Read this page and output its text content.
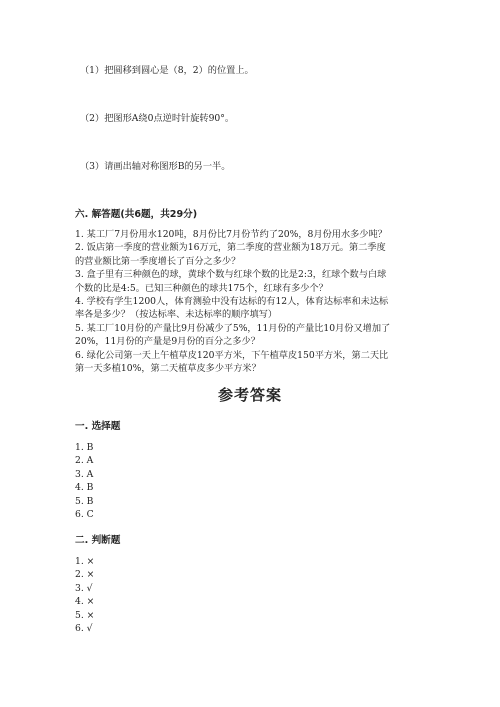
（1）把圆移到圆心是（8，2）的位置上。
（2）把图形A绕0点逆时针旋转90°。
（3）请画出轴对称图形B的另一半。
六. 解答题(共6题，共29分)
1. 某工厂7月份用水120吨，8月份比7月份节约了20%，8月份用水多少吨？
2. 饭店第一季度的营业额为16万元，第二季度的营业额为18万元。第二季度
的营业额比第一季度增长了百分之多少？
3. 盒子里有三种颜色的球，黄球个数与红球个数的比是2:3，红球个数与白球
个数的比是4:5。已知三种颜色的球共175个，红球有多少个？
4. 学校有学生1200人，体育测验中没有达标的有12人，体育达标率和未达标
率各是多少？（按达标率、未达标率的顺序填写）
5. 某工厂10月份的产量比9月份减少了5%，11月份的产量比10月份又增加了
20%，11月份的产量是9月份的百分之多少？
6. 绿化公司第一天上午植草皮120平方米，下午植草皮150平方米，第二天比
第一天多植10%，第二天植草皮多少平方米？
参考答案
一. 选择题
1. B
2. A
3. A
4. B
5. B
6. C
二. 判断题
1. ×
2. ×
3. √
4. ×
5. ×
6. √
